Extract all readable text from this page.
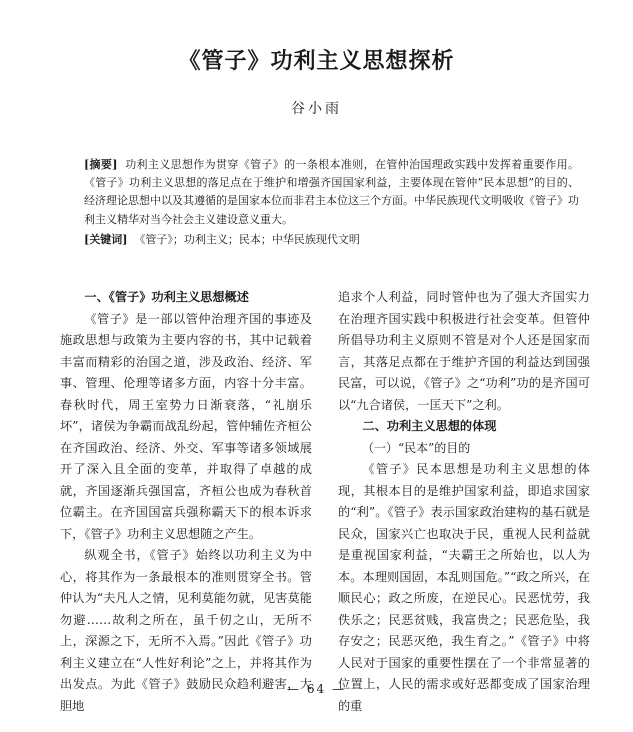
《管子》功利主义思想探析
谷小雨

[摘要] 功利主义思想作为贯穿《管子》的一条根本准则，在管仲治国理政实践中发挥着重要作用。《管子》功利主义思想的落足点在于维护和增强齐国国家利益，主要体现在管仲“民本思想”的目的、经济理论思想中以及其遵循的是国家本位而非君主本位这三个方面。中华民族现代文明吸收《管子》功利主义精华对当今社会主义建设意义重大。

[关键词] 《管子》；功利主义；民本；中华民族现代文明

一、《管子》功利主义思想概述

《管子》是一部以管仲治理齐国的事迹及施政思想与政策为主要内容的书，其中记载着丰富而精彩的治国之道，涉及政治、经济、军事、管理、伦理等诸多方面，内容十分丰富。春秋时代，周王室势力日渐衰落，“礼崩乐坏”，诸侯为争霸而战乱纷起，管仲辅佐齐桓公在齐国政治、经济、外交、军事等诸多领域展开了深入且全面的变革，并取得了卓越的成就，齐国逐渐兵强国富，齐桓公也成为春秋首位霸主。在齐国国富兵强称霸天下的根本诉求下，《管子》功利主义思想随之产生。

纵观全书，《管子》始终以功利主义为中心，将其作为一条最根本的准则贯穿全书。管仲认为“夫凡人之情，见利莫能勿就，见害莫能勿避……故利之所在，虽千仞之山，无所不上，深源之下，无所不入焉。”因此《管子》功利主义建立在“人性好利论”之上，并将其作为出发点。为此《管子》鼓励民众趋利避害，大胆地

追求个人利益，同时管仲也为了强大齐国实力在治理齐国实践中积极进行社会变革。但管仲所倡导功利主义原则不管是对个人还是国家而言，其落足点都在于维护齐国的利益达到国强民富，可以说，《管子》之“功利”功的是齐国可以“九合诸侯，一匡天下”之利。

二、功利主义思想的体现
（一）“民本”的目的

《管子》民本思想是功利主义思想的体现，其根本目的是维护国家利益，即追求国家的“利”。《管子》表示国家政治建构的基石就是民众，国家兴亡也取决于民，重视人民利益就是重视国家利益，“夫霸王之所始也，以人为本。本理则国固，本乱则国危。”“政之所兴，在顺民心；政之所废，在逆民心。民恶忧劳，我佚乐之；民恶贫贱，我富贵之；民恶危坠，我存安之；民恶灭绝，我生育之。”《管子》中将人民对于国家的重要性摆在了一个非常显著的位置上，人民的需求或好恶都变成了国家治理的重

— 64 —
